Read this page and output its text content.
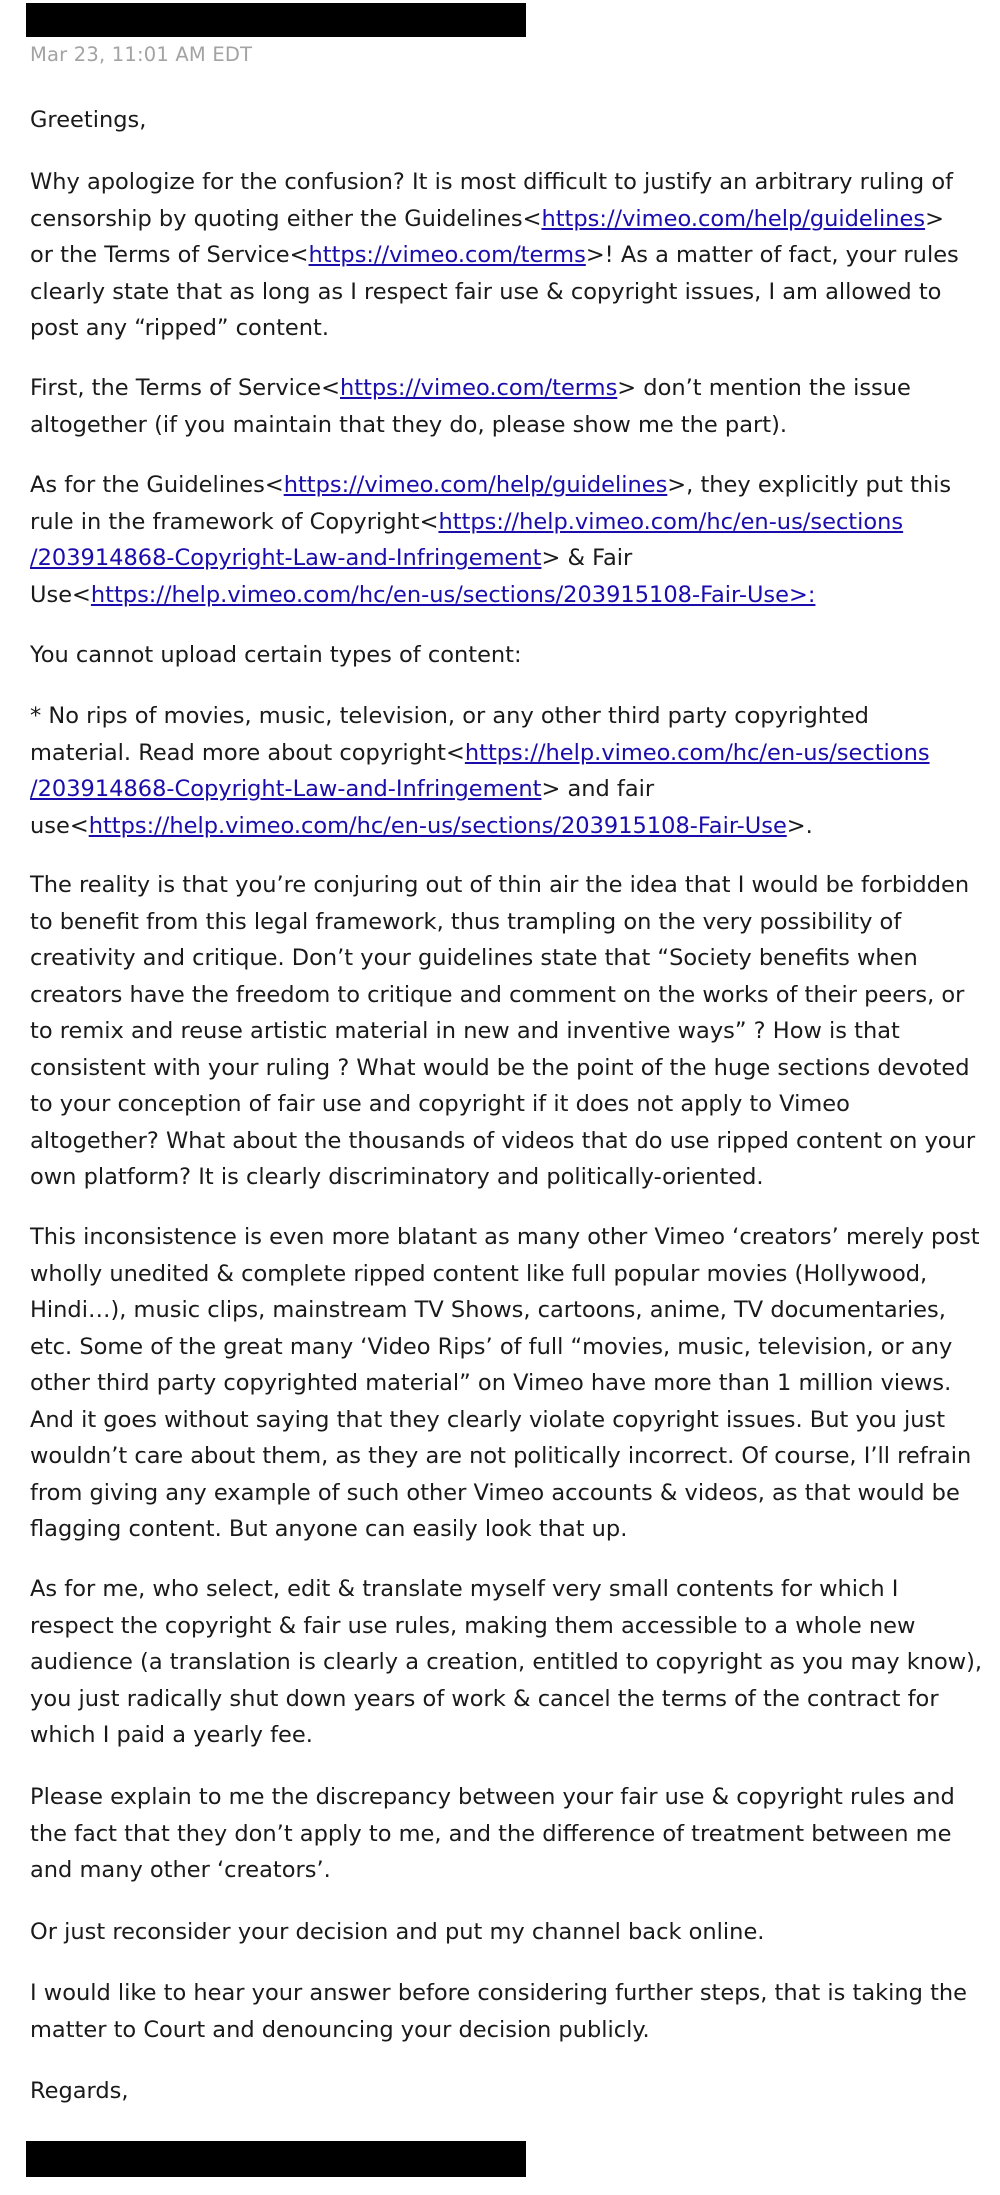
Mar 23, 11:01 AM EDT

Greetings,

Why apologize for the confusion? It is most difficult to justify an arbitrary ruling of
censorship by quoting either the Guidelines<https://vimeo.com/help/guidelines>
or the Terms of Service<https://vimeo.com/terms>! As a matter of fact, your rules
clearly state that as long as I respect fair use & copyright issues, I am allowed to
post any “ripped” content.

First, the Terms of Service<https://vimeo.com/terms> don’t mention the issue
altogether (if you maintain that they do, please show me the part).

As for the Guidelines<https://vimeo.com/help/guidelines>, they explicitly put this
rule in the framework of Copyright<https://help.vimeo.com/hc/en-us/sections
/203914868-Copyright-Law-and-Infringement> & Fair
Use<https://help.vimeo.com/hc/en-us/sections/203915108-Fair-Use>:

You cannot upload certain types of content:

* No rips of movies, music, television, or any other third party copyrighted
material. Read more about copyright<https://help.vimeo.com/hc/en-us/sections
/203914868-Copyright-Law-and-Infringement> and fair
use<https://help.vimeo.com/hc/en-us/sections/203915108-Fair-Use>.

The reality is that you’re conjuring out of thin air the idea that I would be forbidden
to benefit from this legal framework, thus trampling on the very possibility of
creativity and critique. Don’t your guidelines state that “Society benefits when
creators have the freedom to critique and comment on the works of their peers, or
to remix and reuse artistic material in new and inventive ways” ? How is that
consistent with your ruling ? What would be the point of the huge sections devoted
to your conception of fair use and copyright if it does not apply to Vimeo
altogether? What about the thousands of videos that do use ripped content on your
own platform? It is clearly discriminatory and politically-oriented.

This inconsistence is even more blatant as many other Vimeo ‘creators’ merely post
wholly unedited & complete ripped content like full popular movies (Hollywood,
Hindi…), music clips, mainstream TV Shows, cartoons, anime, TV documentaries,
etc. Some of the great many ‘Video Rips’ of full “movies, music, television, or any
other third party copyrighted material” on Vimeo have more than 1 million views.
And it goes without saying that they clearly violate copyright issues. But you just
wouldn’t care about them, as they are not politically incorrect. Of course, I’ll refrain
from giving any example of such other Vimeo accounts & videos, as that would be
flagging content. But anyone can easily look that up.

As for me, who select, edit & translate myself very small contents for which I
respect the copyright & fair use rules, making them accessible to a whole new
audience (a translation is clearly a creation, entitled to copyright as you may know),
you just radically shut down years of work & cancel the terms of the contract for
which I paid a yearly fee.

Please explain to me the discrepancy between your fair use & copyright rules and
the fact that they don’t apply to me, and the difference of treatment between me
and many other ‘creators’.

Or just reconsider your decision and put my channel back online.

I would like to hear your answer before considering further steps, that is taking the
matter to Court and denouncing your decision publicly.

Regards,
